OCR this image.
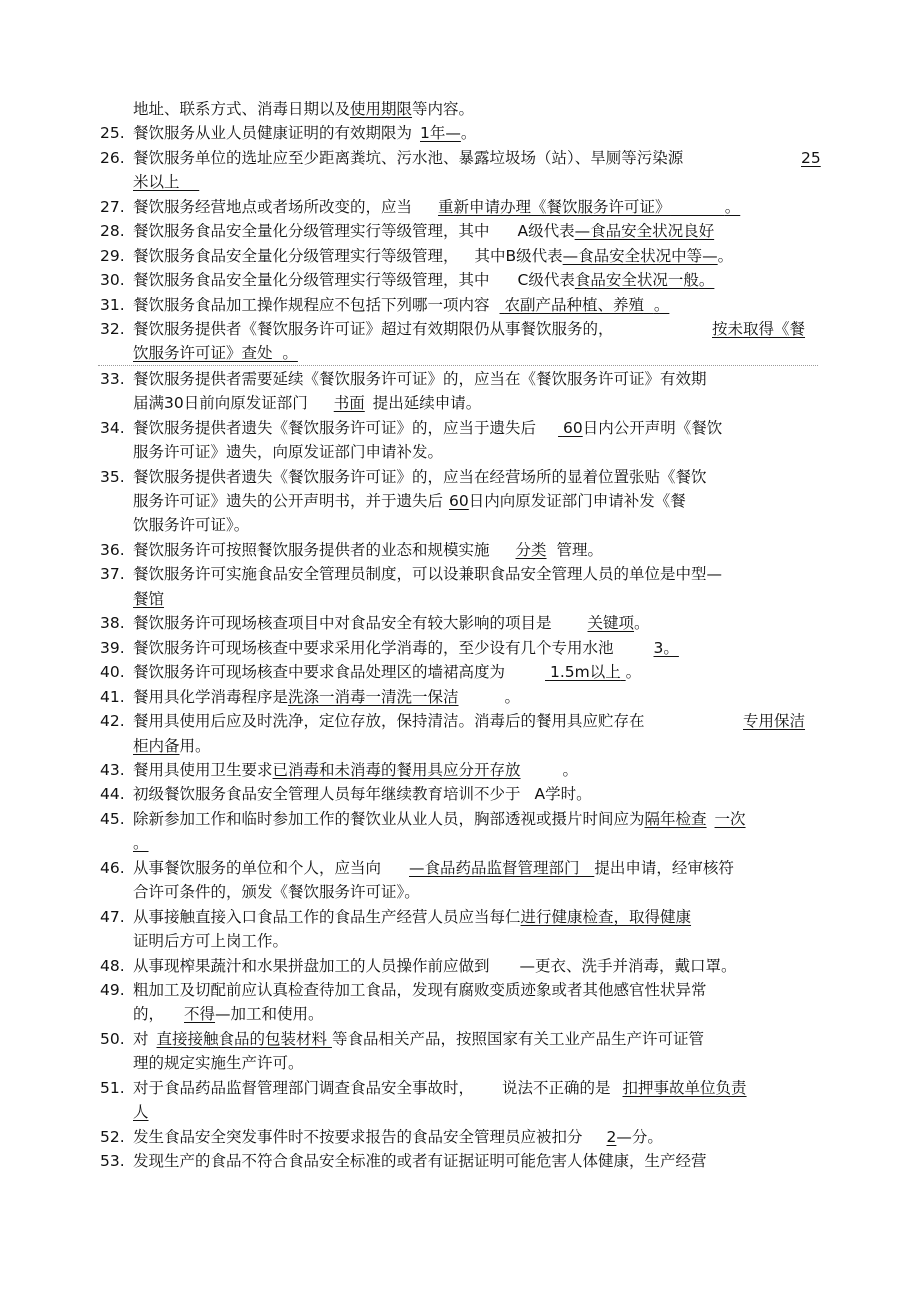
地址、联系方式、消毒日期以及使用期限等内容。
25. 餐饮服务从业人员健康证明的有效期限为 1年—。
26. 餐饮服务单位的选址应至少距离粪坑、污水池、暴露垃圾场（站）、旱厕等污染源	25
米以上
27. 餐饮服务经营地点或者场所改变的，应当 重新申请办理《餐饮服务许可证》	。
28. 餐饮服务食品安全量化分级管理实行等级管理，其中 A级代表—食品安全状况良好
29. 餐饮服务食品安全量化分级管理实行等级管理， 其中B级代表—食品安全状况中等—。
30. 餐饮服务食品安全量化分级管理实行等级管理，其中 C级代表食品安全状况一般。
31. 餐饮服务食品加工操作规程应不包括下列哪一项内容 农副产品种植、养殖 。
32. 餐饮服务提供者《餐饮服务许可证》超过有效期限仍从事餐饮服务的，	按未取得《餐
饮服务许可证》查处 。
33. 餐饮服务提供者需要延续《餐饮服务许可证》的，应当在《餐饮服务许可证》有效期
届满30日前向原发证部门 书面 提出延续申请。
34. 餐饮服务提供者遗失《餐饮服务许可证》的，应当于遗失后 60日内公开声明《餐饮
服务许可证》遗失，向原发证部门申请补发。
35. 餐饮服务提供者遗失《餐饮服务许可证》的，应当在经营场所的显着位置张贴《餐饮
服务许可证》遗失的公开声明书，并于遗失后 60日内向原发证部门申请补发《餐
饮服务许可证》。
36. 餐饮服务许可按照餐饮服务提供者的业态和规模实施 分类 管理。
37. 餐饮服务许可实施食品安全管理员制度，可以设兼职食品安全管理人员的单位是中型—
餐馆
38. 餐饮服务许可现场核查项目中对食品安全有较大影响的项目是 关键项。
39. 餐饮服务许可现场核查中要求采用化学消毒的，至少设有几个专用水池	3。
40. 餐饮服务许可现场核查中要求食品处理区的墙裙高度为	1.5m以上 。
41. 餐用具化学消毒程序是洗涤一消毒一清洗一保洁	。
42. 餐用具使用后应及时洗净，定位存放，保持清洁。消毒后的餐用具应贮存在	专用保洁
柜内备用。
43. 餐用具使用卫生要求已消毒和未消毒的餐用具应分开存放	。
44. 初级餐饮服务食品安全管理人员每年继续教育培训不少于 A学时。
45. 除新参加工作和临时参加工作的餐饮业从业人员，胸部透视或摄片时间应为隔年检查 一次
。
46. 从事餐饮服务的单位和个人，应当向 —食品药品监督管理部门 提出申请，经审核符
合许可条件的，颁发《餐饮服务许可证》。
47. 从事接触直接入口食品工作的食品生产经营人员应当每仁进行健康检查，取得健康
证明后方可上岗工作。
48. 从事现榨果蔬汁和水果拼盘加工的人员操作前应做到 —更衣、洗手并消毒，戴口罩。
49. 粗加工及切配前应认真检查待加工食品，发现有腐败变质迹象或者其他感官性状异常
的， 不得—加工和使用。
50. 对 直接接触食品的包装材料 等食品相关产品，按照国家有关工业产品生产许可证管
理的规定实施生产许可。
51. 对于食品药品监督管理部门调查食品安全事故时， 说法不正确的是 扣押事故单位负责
人
52. 发生食品安全突发事件时不按要求报告的食品安全管理员应被扣分 2—分。
53. 发现生产的食品不符合食品安全标准的或者有证据证明可能危害人体健康，生产经营
